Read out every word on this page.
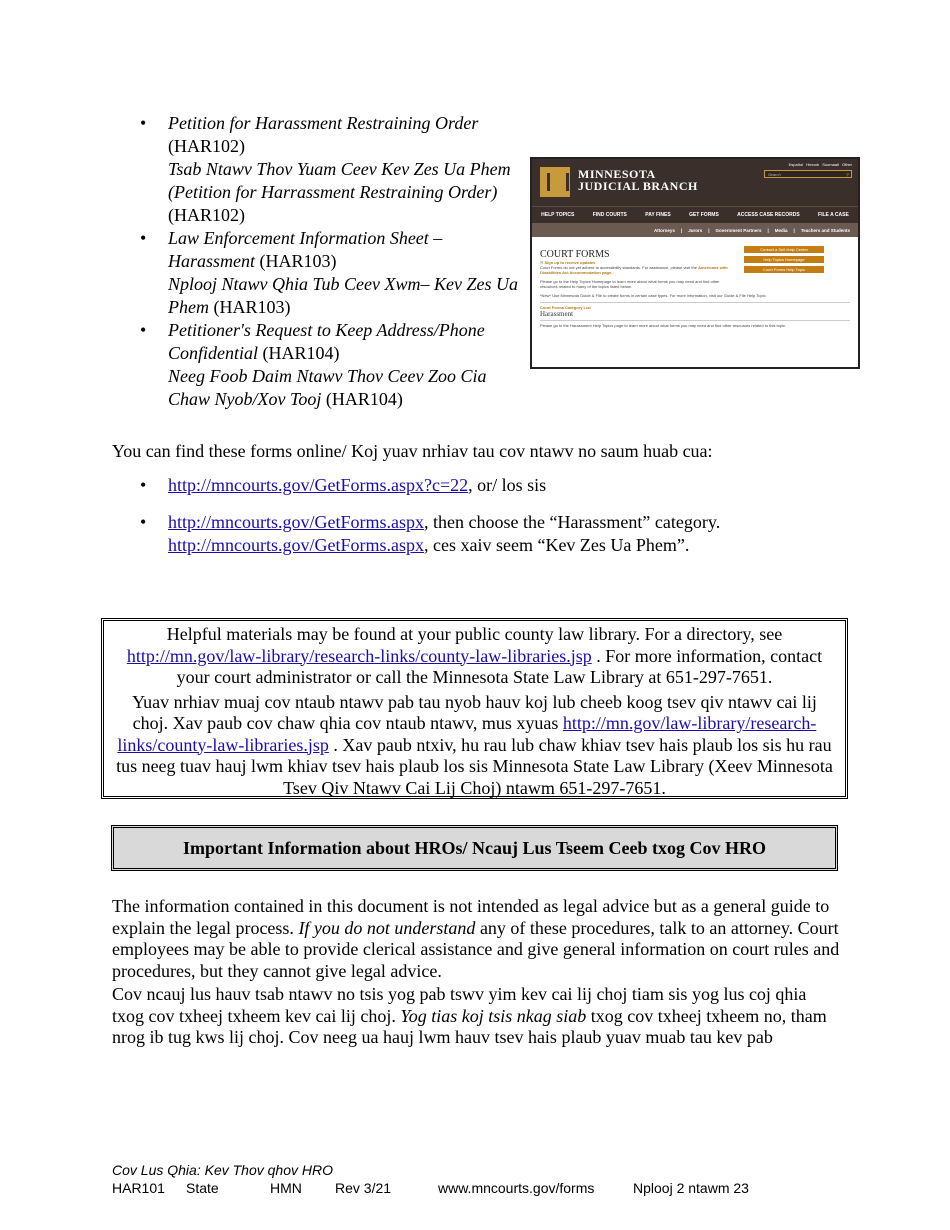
• Petition for Harassment Restraining Order (HAR102)
Tsab Ntawv Thov Yuam Ceev Kev Zes Ua Phem (Petition for Harrassment Restraining Order) (HAR102)
• Law Enforcement Information Sheet – Harassment (HAR103)
Nplooj Ntawv Qhia Tub Ceev Xwm– Kev Zes Ua Phem (HAR103)
• Petitioner's Request to Keep Address/Phone Confidential (HAR104)
Neeg Foob Daim Ntawv Thov Ceev Zoo Cia Chaw Nyob/Xov Tooj (HAR104)
MINNESOTA
JUDICIAL BRANCH
Español Hmoob Soomaali Other
Search	⚲
HELP TOPICS	FIND COURTS	PAY FINES	GET FORMS	ACCESS CASE RECORDS	FILE A CASE
Attorneys | Jurors | Government Partners | Media | Teachers and Students
COURT FORMS
✉ Sign up to receive updates
Court Forms do not yet adhere to accessibility standards. For assistance, please visit the Americans with Disabilities Act Accommodation page.
Please go to the Help Topics Homepage to learn more about what forms you may need and find other resources related to many of the topics listed below.
*New* Use Minnesota Guide & File to create forms in certain case types. For more information, visit our Guide & File Help Topic.
Contact a Self-Help Center
Help Topics Homepage
Court Forms Help Topic
Court Forms Category List
Harassment
Please go to the Harassment Help Topics page to learn more about what forms you may need and find other resources related to this topic.
You can find these forms online/ Koj yuav nrhiav tau cov ntawv no saum huab cua:
• http://mncourts.gov/GetForms.aspx?c=22, or/ los sis
• http://mncourts.gov/GetForms.aspx, then choose the “Harassment” category.
http://mncourts.gov/GetForms.aspx, ces xaiv seem “Kev Zes Ua Phem”.

Helpful materials may be found at your public county law library. For a directory, see http://mn.gov/law-library/research-links/county-law-libraries.jsp . For more information, contact your court administrator or call the Minnesota State Law Library at 651-297-7651.

Yuav nrhiav muaj cov ntaub ntawv pab tau nyob hauv koj lub cheeb koog tsev qiv ntawv cai lij choj. Xav paub cov chaw qhia cov ntaub ntawv, mus xyuas http://mn.gov/law-library/research-links/county-law-libraries.jsp . Xav paub ntxiv, hu rau lub chaw khiav tsev hais plaub los sis hu rau tus neeg tuav hauj lwm khiav tsev hais plaub los sis Minnesota State Law Library (Xeev Minnesota Tsev Qiv Ntawv Cai Lij Choj) ntawm 651-297-7651.

Important Information about HROs/ Ncauj Lus Tseem Ceeb txog Cov HRO

The information contained in this document is not intended as legal advice but as a general guide to explain the legal process. If you do not understand any of these procedures, talk to an attorney. Court employees may be able to provide clerical assistance and give general information on court rules and procedures, but they cannot give legal advice.

Cov ncauj lus hauv tsab ntawv no tsis yog pab tswv yim kev cai lij choj tiam sis yog lus coj qhia txog cov txheej txheem kev cai lij choj. Yog tias koj tsis nkag siab txog cov txheej txheem no, tham nrog ib tug kws lij choj. Cov neeg ua hauj lwm hauv tsev hais plaub yuav muab tau kev pab

Cov Lus Qhia: Kev Thov qhov HRO
HAR101 State	HMN Rev 3/21	www.mncourts.gov/forms	Nplooj 2 ntawm 23
